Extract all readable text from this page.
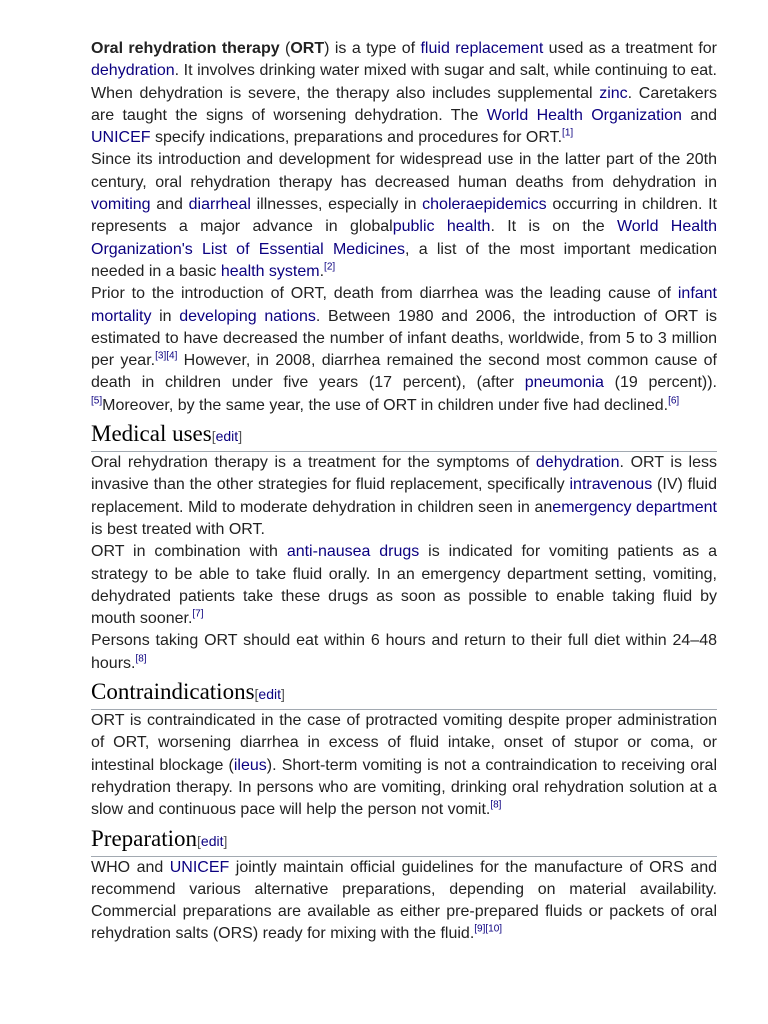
Oral rehydration therapy (ORT) is a type of fluid replacement used as a treatment for dehydration. It involves drinking water mixed with sugar and salt, while continuing to eat. When dehydration is severe, the therapy also includes supplemental zinc. Caretakers are taught the signs of worsening dehydration. The World Health Organization and UNICEF specify indications, preparations and procedures for ORT.[1]

Since its introduction and development for widespread use in the latter part of the 20th century, oral rehydration therapy has decreased human deaths from dehydration in vomiting and diarrheal illnesses, especially in choleraepidemics occurring in children. It represents a major advance in globalpublic health. It is on the World Health Organization's List of Essential Medicines, a list of the most important medication needed in a basic health system.[2]

Prior to the introduction of ORT, death from diarrhea was the leading cause of infant mortality in developing nations. Between 1980 and 2006, the introduction of ORT is estimated to have decreased the number of infant deaths, worldwide, from 5 to 3 million per year.[3][4] However, in 2008, diarrhea remained the second most common cause of death in children under five years (17 percent), (after pneumonia (19 percent)).[5]Moreover, by the same year, the use of ORT in children under five had declined.[6]

Medical uses[edit]

Oral rehydration therapy is a treatment for the symptoms of dehydration. ORT is less invasive than the other strategies for fluid replacement, specifically intravenous (IV) fluid replacement. Mild to moderate dehydration in children seen in anemergency department is best treated with ORT.

ORT in combination with anti-nausea drugs is indicated for vomiting patients as a strategy to be able to take fluid orally. In an emergency department setting, vomiting, dehydrated patients take these drugs as soon as possible to enable taking fluid by mouth sooner.[7]

Persons taking ORT should eat within 6 hours and return to their full diet within 24–48 hours.[8]

Contraindications[edit]

ORT is contraindicated in the case of protracted vomiting despite proper administration of ORT, worsening diarrhea in excess of fluid intake, onset of stupor or coma, or intestinal blockage (ileus). Short-term vomiting is not a contraindication to receiving oral rehydration therapy. In persons who are vomiting, drinking oral rehydration solution at a slow and continuous pace will help the person not vomit.[8]

Preparation[edit]

WHO and UNICEF jointly maintain official guidelines for the manufacture of ORS and recommend various alternative preparations, depending on material availability. Commercial preparations are available as either pre-prepared fluids or packets of oral rehydration salts (ORS) ready for mixing with the fluid.[9][10]
